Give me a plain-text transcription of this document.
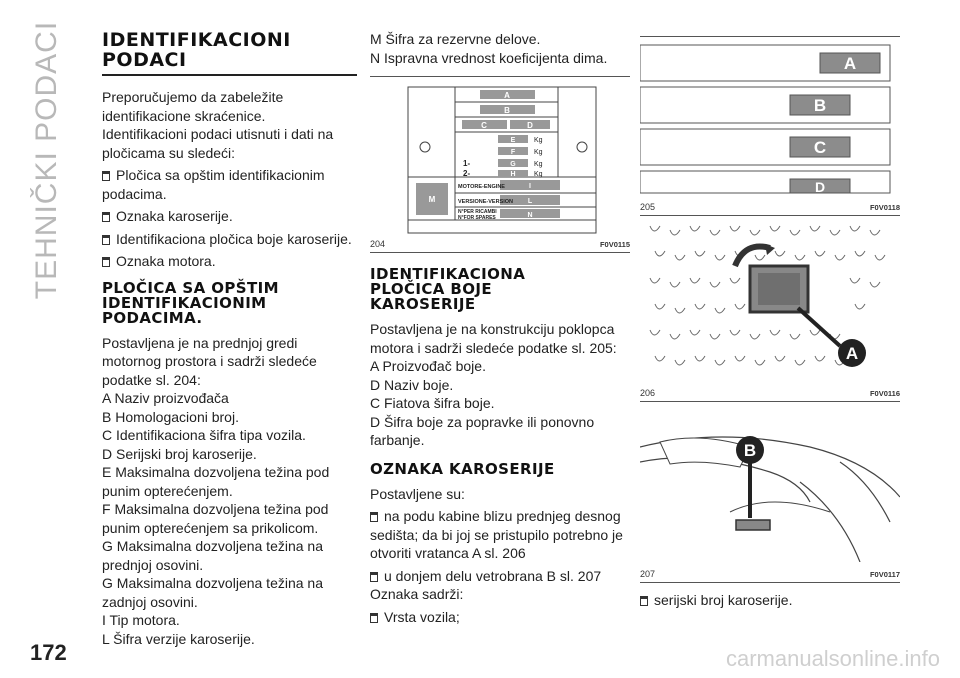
TEHNIČKI PODACI
172	carmanualsonline.info
IDENTIFIKACIONI
PODACI

Preporučujemo da zabeležite identifikacione skraćenice.

Identifikacioni podaci utisnuti i dati na pločicama su sledeći:

Pločica sa opštim identifikacionim podacima.
Oznaka karoserije.
Identifikaciona pločica boje karoserije.
Oznaka motora.
PLOČICA SA OPŠTIM
IDENTIFIKACIONIM
PODACIMA.

Postavljena je na prednjoj gredi motornog prostora i sadrži sledeće podatke sl. 204:

A Naziv proizvođača

B Homologacioni broj.

C Identifikaciona šifra tipa vozila.

D Serijski broj karoserije.

E Maksimalna dozvoljena težina pod punim opterećenjem.

F Maksimalna dozvoljena težina pod punim opterećenjem sa prikolicom.

G Maksimalna dozvoljena težina na prednjoj osovini.

G Maksimalna dozvoljena težina na zadnjoj osovini.

I Tip motora.

L Šifra verzije karoserije.

M Šifra za rezervne delove.

N Ispravna vrednost koeficijenta dima.

A
B
C	D
E
F
G
H
I
L
N
M
Kg
Kg
Kg
Kg
1-
2-
MOTORE-ENGINE
VERSIONE-VERSION
N°PER RICAMBI
N°FOR SPARES
204	F0V0115
IDENTIFIKACIONA
PLOČICA BOJE
KAROSERIJE

Postavljena je na konstrukciju poklopca motora i sadrži sledeće podatke sl. 205:

A Proizvođač boje.

D Naziv boje.

C Fiatova šifra boje.

D Šifra boje za popravke ili ponovno farbanje.

OZNAKA KAROSERIJE

Postavljene su:

na podu kabine blizu prednjeg desnog sedišta; da bi joj se pristupilo potrebno je otvoriti vratanca A sl. 206
u donjem delu vetrobrana B sl. 207

Oznaka sadrži:

Vrsta vozila;
A
B
C
D
205	F0V0118
A
206	F0V0116
B
207	F0V0117
serijski broj karoserije.
